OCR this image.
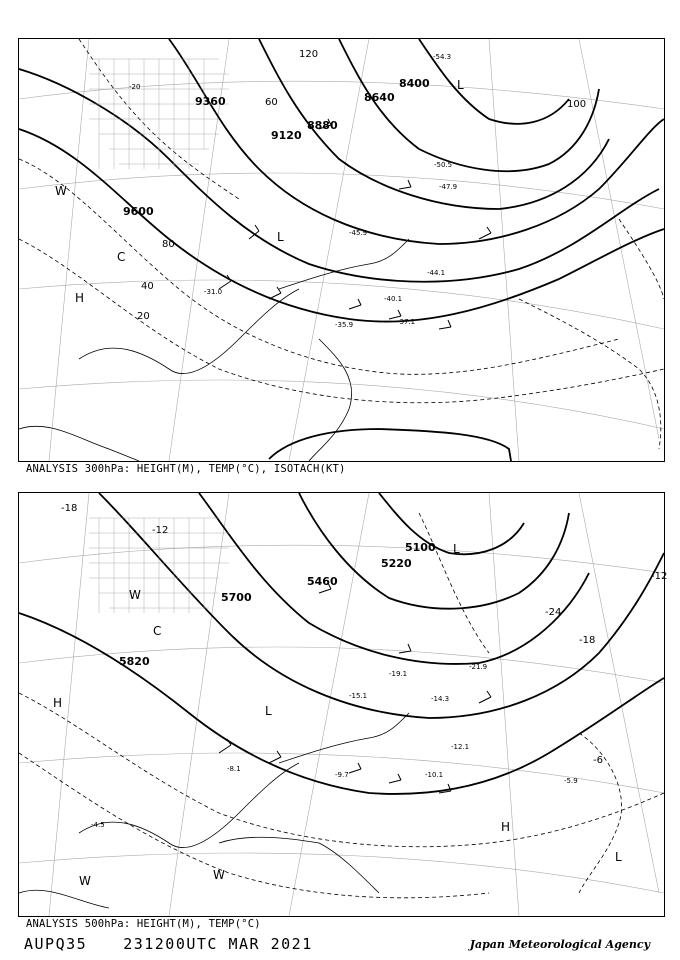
8400
8640
8880
9120
9360
9600
20
40
60
80
100
120
-20
-31.0
-35.9	-37.1
-40.1
-44.1
-45.9
-47.9
-50.5
-54.3
H
L
C
W
L
ANALYSIS 300hPa: HEIGHT(M), TEMP(°C), ISOTACH(KT)
5100
5220
5460
5700
5820
-18
-12
-6
-24
-18
-12
-15.1
-19.1
-21.9
-14.3
-10.1
-9.7
-12.1
-5.9
-4.5
-8.1
H
L
L
H
L
W
W	W
C
ANALYSIS 500hPa: HEIGHT(M), TEMP(°C)
AUPQ35 231200UTC MAR 2021	Japan Meteorological Agency
